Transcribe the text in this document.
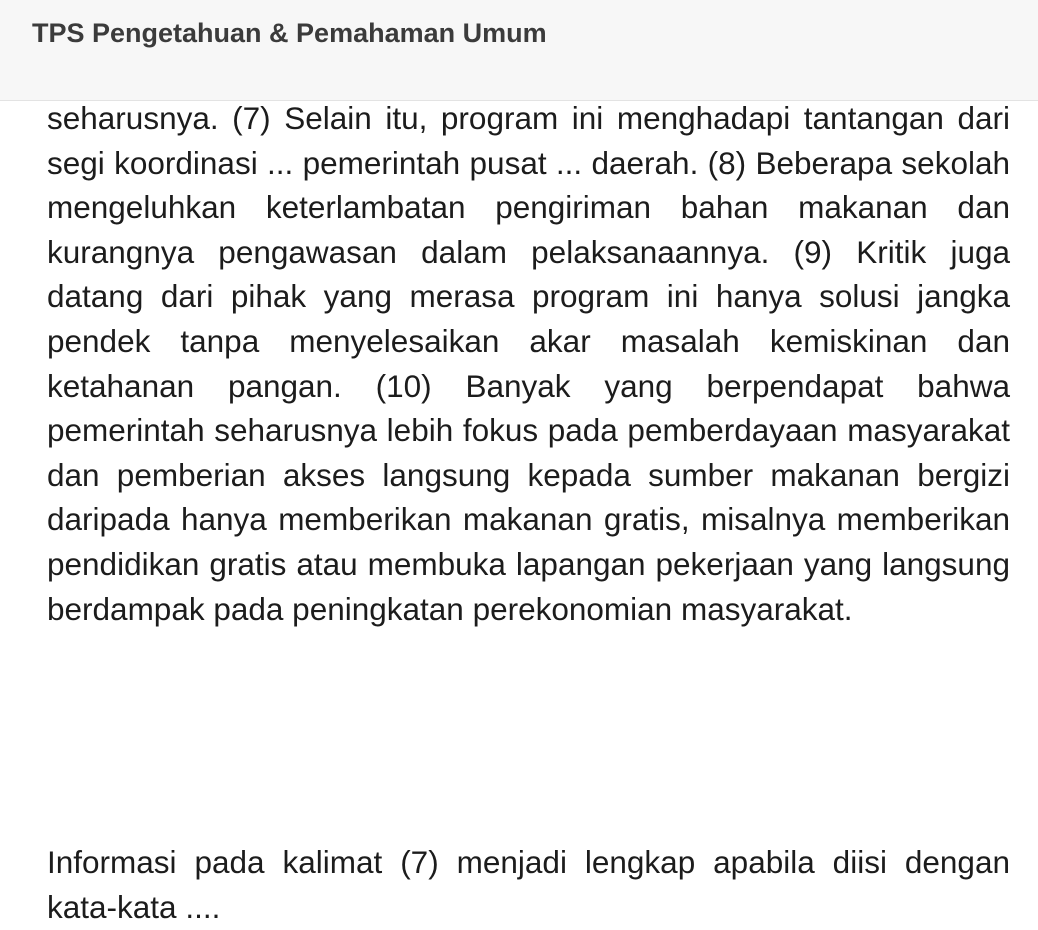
TPS Pengetahuan & Pemahaman Umum

seharusnya. (7) Selain itu, program ini menghadapi tantangan dari segi koordinasi ... pemerintah pusat ... daerah. (8) Beberapa sekolah mengeluhkan keterlambatan pengiriman bahan makanan dan kurangnya pengawasan dalam pelaksanaannya. (9) Kritik juga datang dari pihak yang merasa program ini hanya solusi jangka pendek tanpa menyelesaikan akar masalah kemiskinan dan ketahanan pangan. (10) Banyak yang berpendapat bahwa pemerintah seharusnya lebih fokus pada pemberdayaan masyarakat dan pemberian akses langsung kepada sumber makanan bergizi daripada hanya memberikan makanan gratis, misalnya memberikan pendidikan gratis atau membuka lapangan pekerjaan yang langsung berdampak pada peningkatan perekonomian masyarakat.

Informasi pada kalimat (7) menjadi lengkap apabila diisi dengan kata-kata ....
